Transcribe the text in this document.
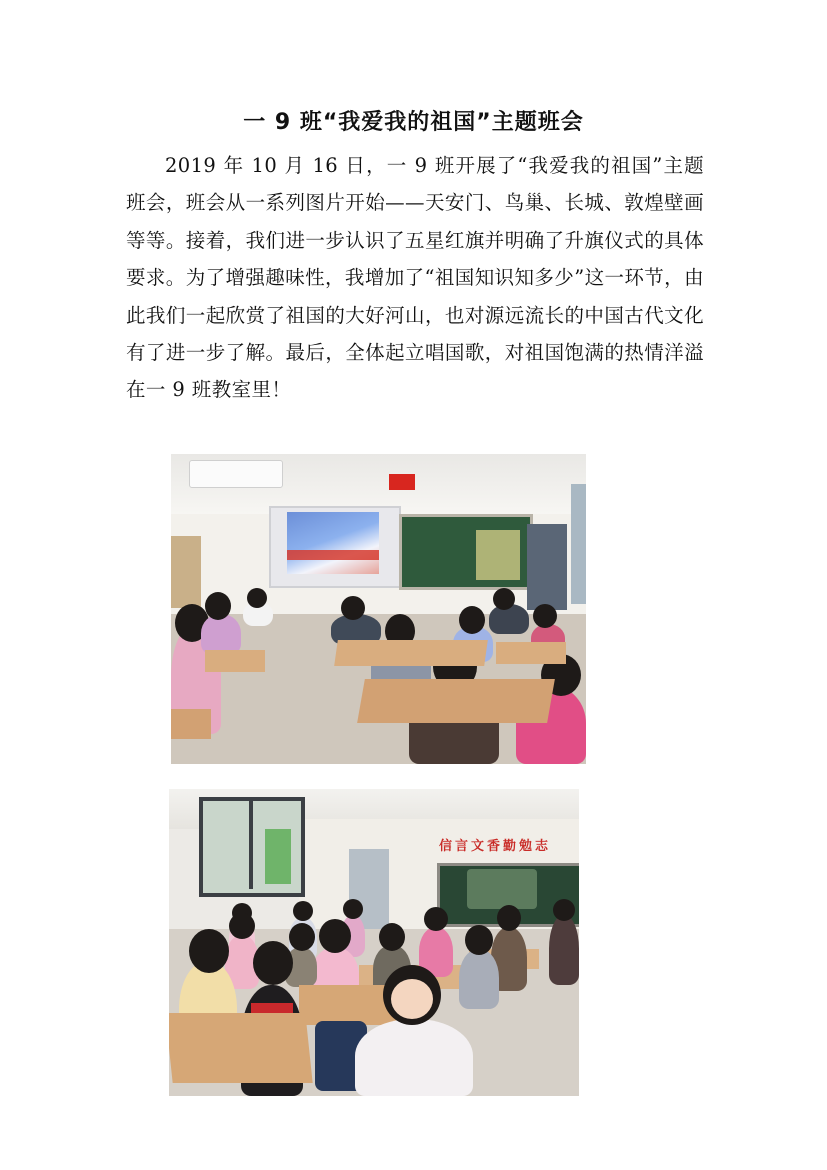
一 9 班“我爱我的祖国”主题班会
2019 年 10 月 16 日，一 9 班开展了“我爱我的祖国”主题班会，班会从一系列图片开始——天安门、鸟巢、长城、敦煌壁画等等。接着，我们进一步认识了五星红旗并明确了升旗仪式的具体要求。为了增强趣味性，我增加了“祖国知识知多少”这一环节，由此我们一起欣赏了祖国的大好河山，也对源远流长的中国古代文化有了进一步了解。最后，全体起立唱国歌，对祖国饱满的热情洋溢在一 9 班教室里！
信言文香勤勉志
